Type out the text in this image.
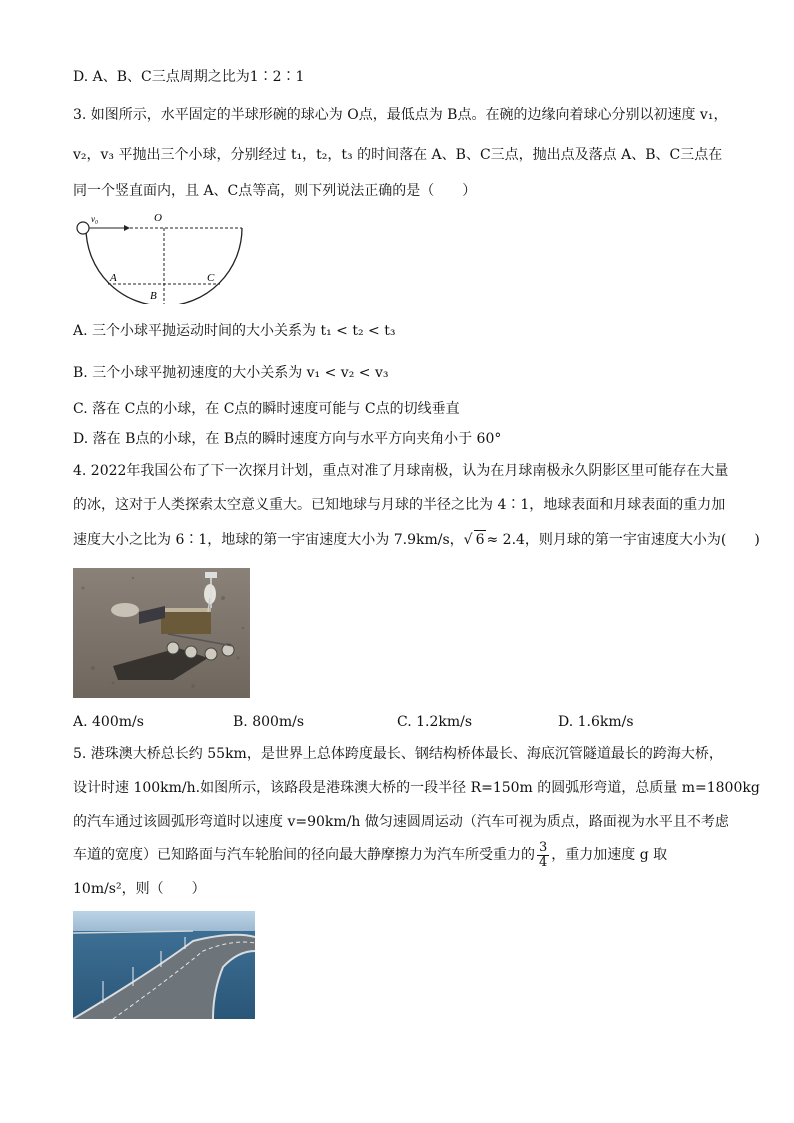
D. A、B、C三点周期之比为1∶2∶1
3. 如图所示，水平固定的半球形碗的球心为 O点，最低点为 B点。在碗的边缘向着球心分别以初速度 v₁，
v₂，v₃ 平抛出三个小球，分别经过 t₁，t₂，t₃ 的时间落在 A、B、C三点，抛出点及落点 A、B、C三点在
同一个竖直面内，且 A、C点等高，则下列说法正确的是（　　）
v₀	O
A	C
B
A. 三个小球平抛运动时间的大小关系为 t₁ < t₂ < t₃
B. 三个小球平抛初速度的大小关系为 v₁ < v₂ < v₃
C. 落在 C点的小球，在 C点的瞬时速度可能与 C点的切线垂直
D. 落在 B点的小球，在 B点的瞬时速度方向与水平方向夹角小于 60°
4. 2022年我国公布了下一次探月计划，重点对准了月球南极，认为在月球南极永久阴影区里可能存在大量
的冰，这对于人类探索太空意义重大。已知地球与月球的半径之比为 4∶1，地球表面和月球表面的重力加
速度大小之比为 6∶1，地球的第一宇宙速度大小为 7.9km/s，√ 6 ≈ 2.4，则月球的第一宇宙速度大小为(　　)
A. 400m/s	B. 800m/s	C. 1.2km/s	D. 1.6km/s
5. 港珠澳大桥总长约 55km，是世界上总体跨度最长、钢结构桥体最长、海底沉管隧道最长的跨海大桥，
设计时速 100km/h.如图所示，该路段是港珠澳大桥的一段半径 R=150m 的圆弧形弯道，总质量 m=1800kg
的汽车通过该圆弧形弯道时以速度 v=90km/h 做匀速圆周运动（汽车可视为质点，路面视为水平且不考虑
车道的宽度）已知路面与汽车轮胎间的径向最大静摩擦力为汽车所受重力的 $\frac{3}{4}$ ，重力加速度 g 取
10m/s²，则（　　）
